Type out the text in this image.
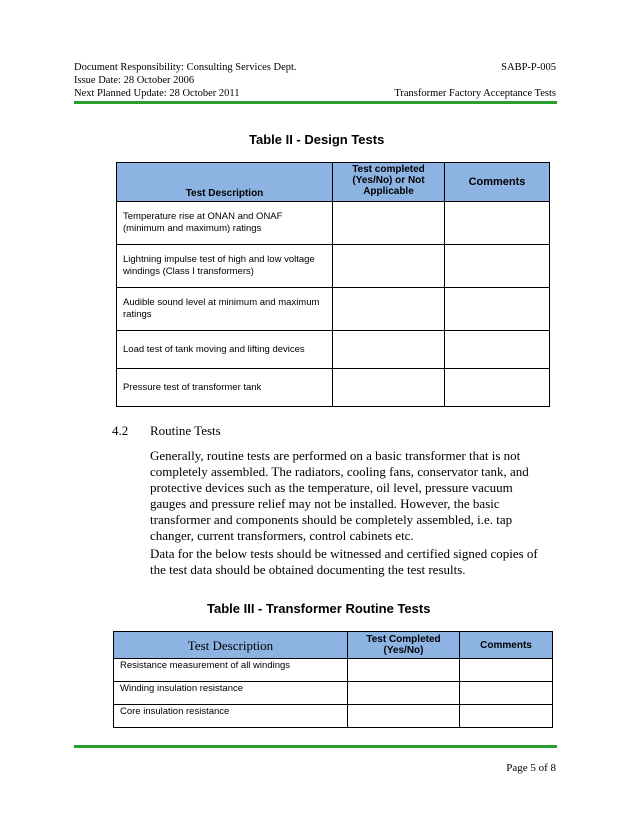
Document Responsibility: Consulting Services Dept.
Issue Date: 28 October 2006
Next Planned Update: 28 October 2011
SABP-P-005
Transformer Factory Acceptance Tests
Table II - Design Tests
Test Description	Test completed (Yes/No) or Not Applicable	Comments
Temperature rise at ONAN and ONAF (minimum and maximum) ratings		
Lightning impulse test of high and low voltage windings (Class I transformers)		
Audible sound level at minimum and maximum ratings		
Load test of tank moving and lifting devices		
Pressure test of transformer tank		
4.2 Routine Tests
Generally, routine tests are performed on a basic transformer that is not completely assembled. The radiators, cooling fans, conservator tank, and protective devices such as the temperature, oil level, pressure vacuum gauges and pressure relief may not be installed. However, the basic transformer and components should be completely assembled, i.e. tap changer, current transformers, control cabinets etc.
Data for the below tests should be witnessed and certified signed copies of the test data should be obtained documenting the test results.
Table III - Transformer Routine Tests
Test Description	Test Completed (Yes/No)	Comments
Resistance measurement of all windings		
Winding insulation resistance		
Core insulation resistance		
Page 5 of 8
